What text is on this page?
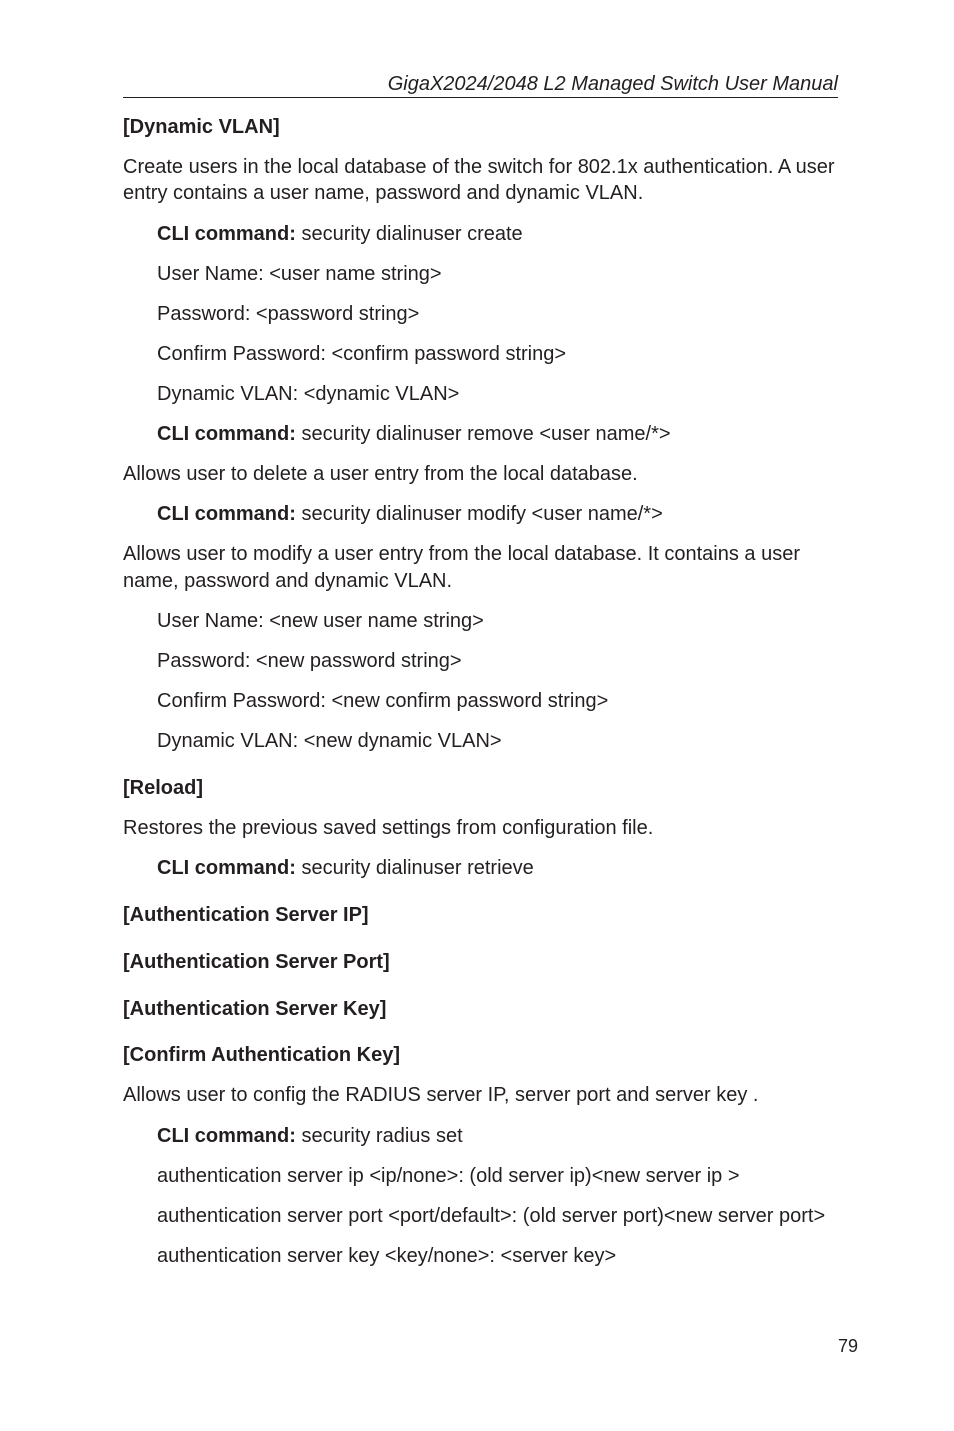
GigaX2024/2048 L2 Managed Switch User Manual
[Dynamic VLAN]
Create users in the local database of the switch for 802.1x authentication. A user
entry contains a user name, password and dynamic VLAN.
CLI command: security dialinuser create
User Name: <user name string>
Password: <password string>
Confirm Password: <confirm password string>
Dynamic VLAN: <dynamic VLAN>
CLI command: security dialinuser remove <user name/*>
Allows user to delete a user entry from the local database.
CLI command: security dialinuser modify <user name/*>
Allows user to modify a user entry from the local database. It contains a user
name, password and dynamic VLAN.
User Name: <new user name string>
Password: <new password string>
Confirm Password: <new confirm password string>
Dynamic VLAN: <new dynamic VLAN>
[Reload]
Restores the previous saved settings from configuration file.
CLI command: security dialinuser retrieve
[Authentication Server IP]
[Authentication Server Port]
[Authentication Server Key]
[Confirm Authentication Key]
Allows user to config the RADIUS server IP, server port and server key .
CLI command: security radius set
authentication server ip <ip/none>: (old server ip)<new server ip >
authentication server port <port/default>: (old server port)<new server port>
authentication server key <key/none>: <server key>
79
